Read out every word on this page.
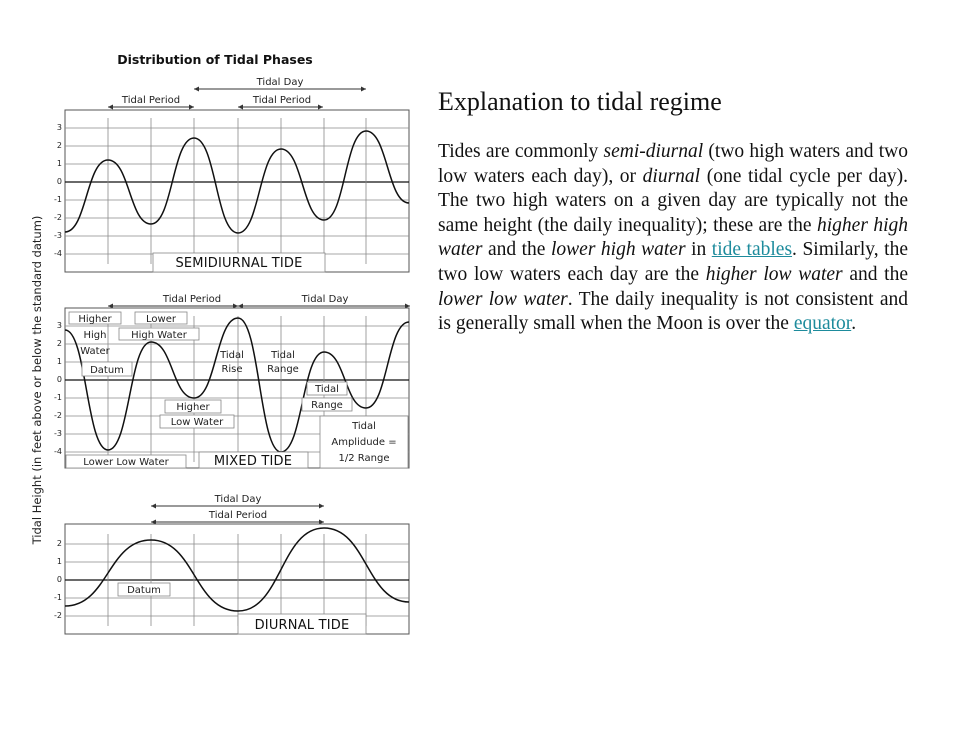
Distribution of Tidal Phases
Tidal Height (in feet above or below the standard datum)
Tidal Period	Tidal Period
Tidal Day
3
2
1
0
-1
-2
-3
-4
SEMIDIURNAL TIDE
Tidal Period	Tidal Day
3
2
1
0
-1
-2
-3
-4
Higher
High
Water
Lower
High Water
Datum
Tidal
Rise
Tidal
Range
Tidal
Range
Higher
Low Water	Tidal
Amplidude =
1/2 Range
Lower Low Water	MIXED TIDE
Tidal Day
Tidal Period
2
1
0
-1
-2
Datum
DIURNAL TIDE
Explanation to tidal regime

Tides are commonly semi-diurnal (two high waters and two low waters each day), or diurnal (one tidal cycle per day). The two high waters on a given day are typically not the same height (the daily inequality); these are the higher high water and the lower high water in tide tables. Similarly, the two low waters each day are the higher low water and the lower low water. The daily inequality is not consistent and is generally small when the Moon is over the equator.
